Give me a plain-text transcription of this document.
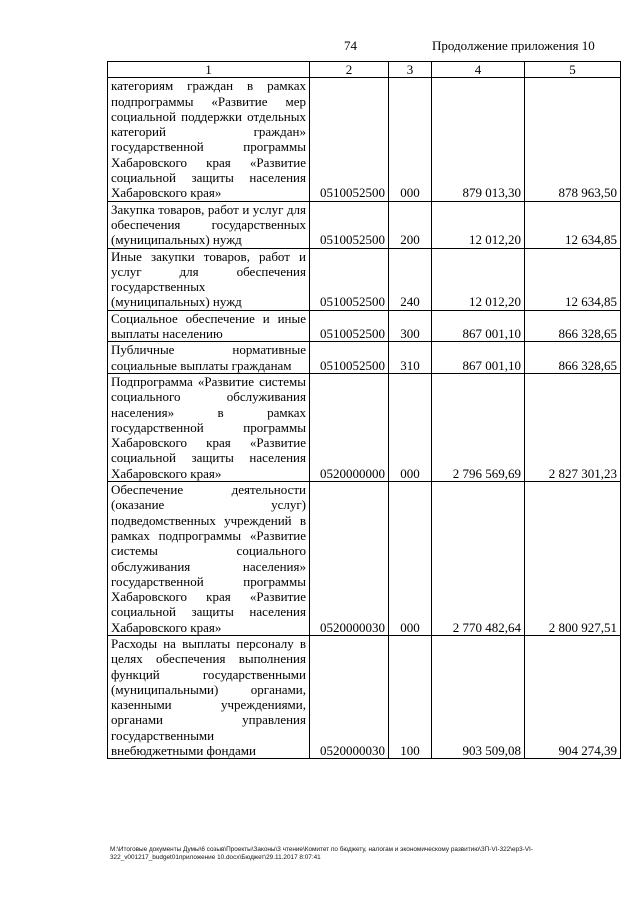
74	Продолжение приложения 10
1	2	3	4	5
категориям граждан в рамках подпрограммы «Развитие мер социальной поддержки отдельных категорий граждан» государственной программы Хабаровского края «Развитие социальной защиты населения Хабаровского края»	0510052500	000	879 013,30	878 963,50
Закупка товаров, работ и услуг для обеспечения государственных (муниципальных) нужд	0510052500	200	12 012,20	12 634,85
Иные закупки товаров, работ и услуг для обеспечения государственных (муниципальных) нужд	0510052500	240	12 012,20	12 634,85
Социальное обеспечение и иные выплаты населению	0510052500	300	867 001,10	866 328,65
Публичные нормативные социальные выплаты гражданам	0510052500	310	867 001,10	866 328,65
Подпрограмма «Развитие системы социального обслуживания населения» в рамках государственной программы Хабаровского края «Развитие социальной защиты населения Хабаровского края»	0520000000	000	2 796 569,69	2 827 301,23
Обеспечение деятельности (оказание услуг) подведомственных учреждений в рамках подпрограммы «Развитие системы социального обслуживания населения» государственной программы Хабаровского края «Развитие социальной защиты населения Хабаровского края»	0520000030	000	2 770 482,64	2 800 927,51
Расходы на выплаты персоналу в целях обеспечения выполнения функций государственными (муниципальными) органами, казенными учреждениями, органами управления государственными внебюджетными фондами	0520000030	100	903 509,08	904 274,39
M:\Итоговые документы Думы\6 созыв\Проекты\Законы\3 чтение\Комитет по бюджету, налогам и экономическому развитию\ЗП-VI-322\ер3-VI-322_v001217_budget01приложение 10.docx\Бюджет\29.11.2017 8:07:41
